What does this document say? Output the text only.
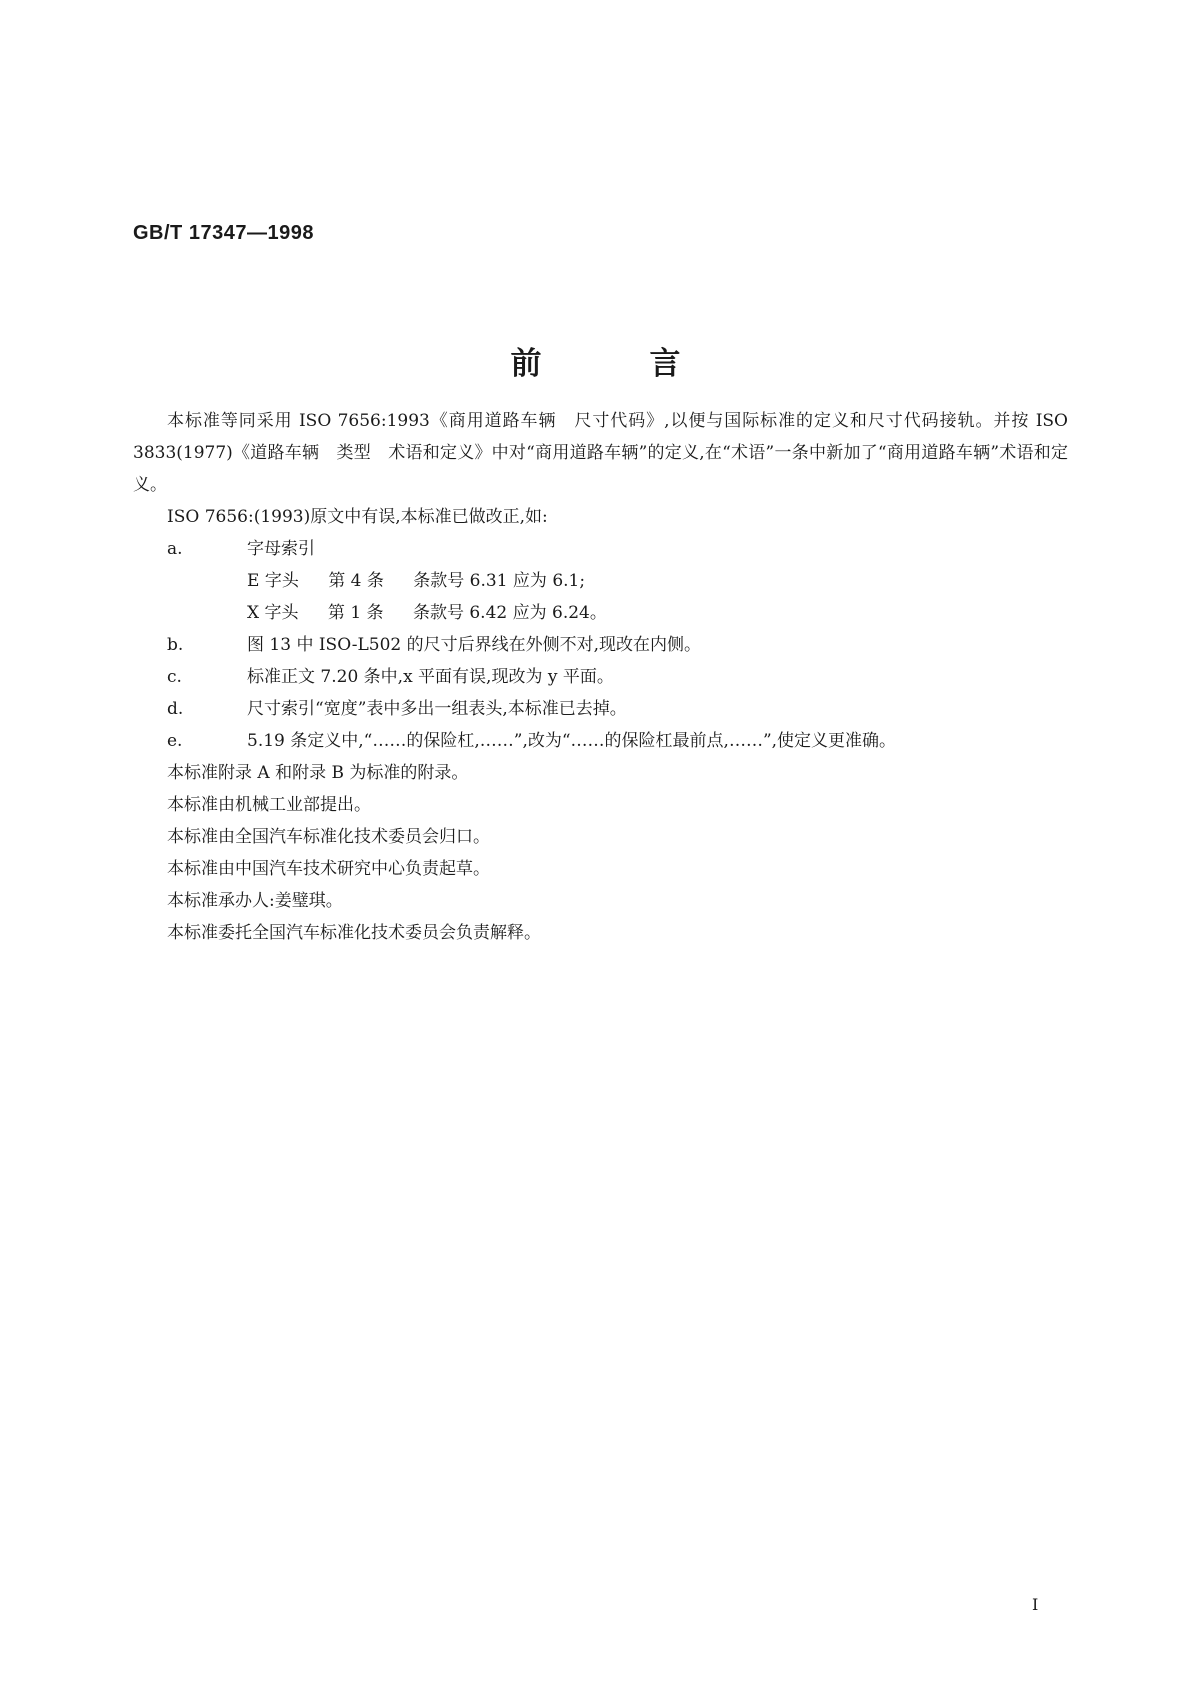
GB/T 17347—1998
前	言

本标准等同采用 ISO 7656:1993《商用道路车辆　尺寸代码》,以便与国际标准的定义和尺寸代码接轨。并按 ISO 3833(1977)《道路车辆　类型　术语和定义》中对“商用道路车辆”的定义,在“术语”一条中新加了“商用道路车辆”术语和定义。

ISO 7656:(1993)原文中有误,本标准已做改正,如:

a.	字母索引
E 字头 第 4 条 条款号 6.31 应为 6.1;
X 字头 第 1 条 条款号 6.42 应为 6.24。
b.	图 13 中 ISO-L502 的尺寸后界线在外侧不对,现改在内侧。
c.	标准正文 7.20 条中,x 平面有误,现改为 y 平面。
d.	尺寸索引“宽度”表中多出一组表头,本标准已去掉。
e.	5.19 条定义中,“……的保险杠,……”,改为“……的保险杠最前点,……”,使定义更准确。

本标准附录 A 和附录 B 为标准的附录。

本标准由机械工业部提出。

本标准由全国汽车标准化技术委员会归口。

本标准由中国汽车技术研究中心负责起草。

本标准承办人:姜璧琪。

本标准委托全国汽车标准化技术委员会负责解释。

I
